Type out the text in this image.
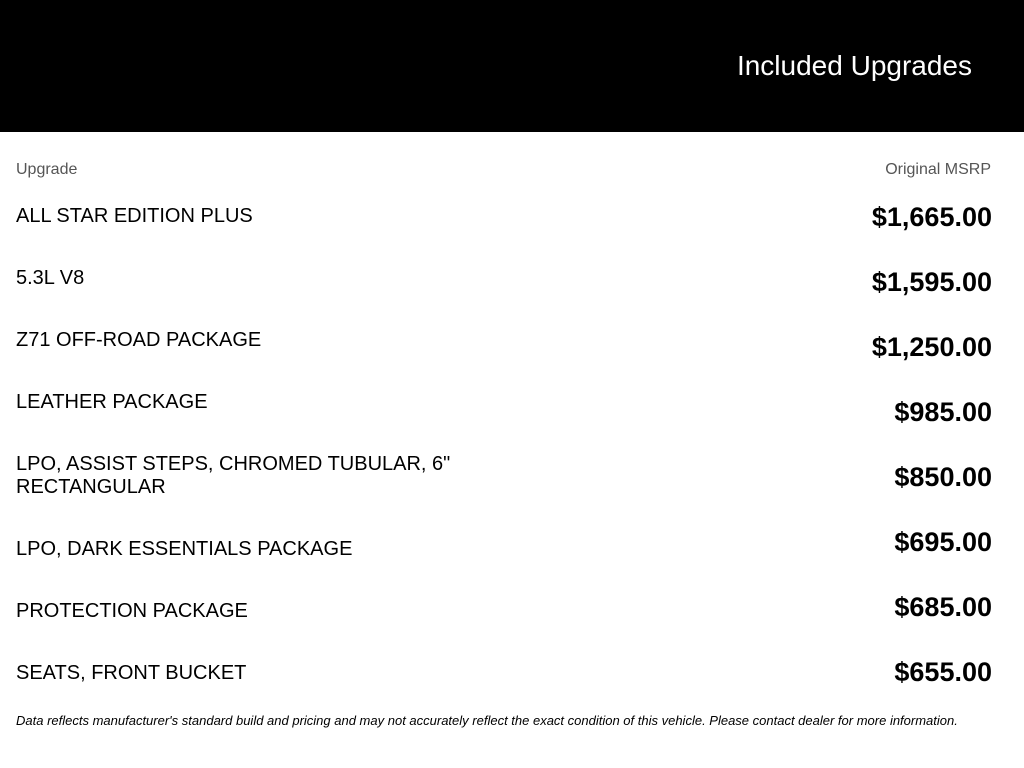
Included Upgrades
Upgrade	Original MSRP
ALL STAR EDITION PLUS	$1,665.00
5.3L V8	$1,595.00
Z71 OFF-ROAD PACKAGE	$1,250.00
LEATHER PACKAGE	$985.00
LPO, ASSIST STEPS, CHROMED TUBULAR, 6" RECTANGULAR	$850.00
LPO, DARK ESSENTIALS PACKAGE	$695.00
PROTECTION PACKAGE	$685.00
SEATS, FRONT BUCKET	$655.00
Data reflects manufacturer's standard build and pricing and may not accurately reflect the exact condition of this vehicle. Please contact dealer for more information.
